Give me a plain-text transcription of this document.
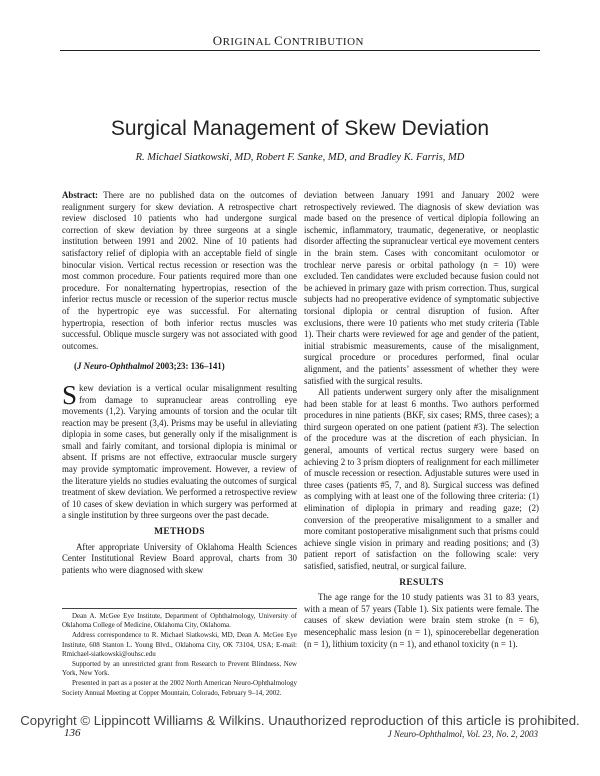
ORIGINAL CONTRIBUTION
Surgical Management of Skew Deviation
R. Michael Siatkowski, MD, Robert F. Sanke, MD, and Bradley K. Farris, MD

Abstract: There are no published data on the outcomes of realignment surgery for skew deviation. A retrospective chart review disclosed 10 patients who had undergone surgical correction of skew deviation by three surgeons at a single institution between 1991 and 2002. Nine of 10 patients had satisfactory relief of diplopia with an acceptable field of single binocular vision. Vertical rectus recession or resection was the most common procedure. Four patients required more than one procedure. For nonalternating hypertropias, resection of the inferior rectus muscle or recession of the superior rectus muscle of the hypertropic eye was successful. For alternating hypertropia, resection of both inferior rectus muscles was successful. Oblique muscle surgery was not associated with good outcomes.

(J Neuro-Ophthalmol 2003;23: 136–141)

Skew deviation is a vertical ocular misalignment resulting from damage to supranuclear areas controlling eye movements (1,2). Varying amounts of torsion and the ocular tilt reaction may be present (3,4). Prisms may be useful in alleviating diplopia in some cases, but generally only if the misalignment is small and fairly comitant, and torsional diplopia is minimal or absent. If prisms are not effective, extraocular muscle surgery may provide symptomatic improvement. However, a review of the literature yields no studies evaluating the outcomes of surgical treatment of skew deviation. We performed a retrospective review of 10 cases of skew deviation in which surgery was performed at a single institution by three surgeons over the past decade.

METHODS

After appropriate University of Oklahoma Health Sciences Center Institutional Review Board approval, charts from 30 patients who were diagnosed with skew

deviation between January 1991 and January 2002 were retrospectively reviewed. The diagnosis of skew deviation was made based on the presence of vertical diplopia following an ischemic, inflammatory, traumatic, degenerative, or neoplastic disorder affecting the supranuclear vertical eye movement centers in the brain stem. Cases with concomitant oculomotor or trochlear nerve paresis or orbital pathology (n = 10) were excluded. Ten candidates were excluded because fusion could not be achieved in primary gaze with prism correction. Thus, surgical subjects had no preoperative evidence of symptomatic subjective torsional diplopia or central disruption of fusion. After exclusions, there were 10 patients who met study criteria (Table 1). Their charts were reviewed for age and gender of the patient, initial strabismic measurements, cause of the misalignment, surgical procedure or procedures performed, final ocular alignment, and the patients’ assessment of whether they were satisfied with the surgical results.

All patients underwent surgery only after the misalignment had been stable for at least 6 months. Two authors performed procedures in nine patients (BKF, six cases; RMS, three cases); a third surgeon operated on one patient (patient #3). The selection of the procedure was at the discretion of each physician. In general, amounts of vertical rectus surgery were based on achieving 2 to 3 prism diopters of realignment for each millimeter of muscle recession or resection. Adjustable sutures were used in three cases (patients #5, 7, and 8). Surgical success was defined as complying with at least one of the following three criteria: (1) elimination of diplopia in primary and reading gaze; (2) conversion of the preoperative misalignment to a smaller and more comitant postoperative misalignment such that prisms could achieve single vision in primary and reading positions; and (3) patient report of satisfaction on the following scale: very satisfied, satisfied, neutral, or surgical failure.

RESULTS

The age range for the 10 study patients was 31 to 83 years, with a mean of 57 years (Table 1). Six patients were female. The causes of skew deviation were brain stem stroke (n = 6), mesencephalic mass lesion (n = 1), spinocerebellar degeneration (n = 1), lithium toxicity (n = 1), and ethanol toxicity (n = 1).

Dean A. McGee Eye Institute, Department of Ophthalmology, University of Oklahoma College of Medicine, Oklahoma City, Oklahoma.

Address correspondence to R. Michael Siatkowski, MD, Dean A. McGee Eye Institute, 608 Stanton L. Young Blvd., Oklahoma City, OK 73104, USA; E-mail: Rmichael-siatkowski@ouhsc.edu

Supported by an unrestricted grant from Research to Prevent Blindness, New York, New York.

Presented in part as a poster at the 2002 North American Neuro-Ophthalmology Society Annual Meeting at Copper Mountain, Colorado, February 9–14, 2002.

Copyright © Lippincott Williams & Wilkins. Unauthorized reproduction of this article is prohibited.
136	J Neuro-Ophthalmol, Vol. 23, No. 2, 2003
